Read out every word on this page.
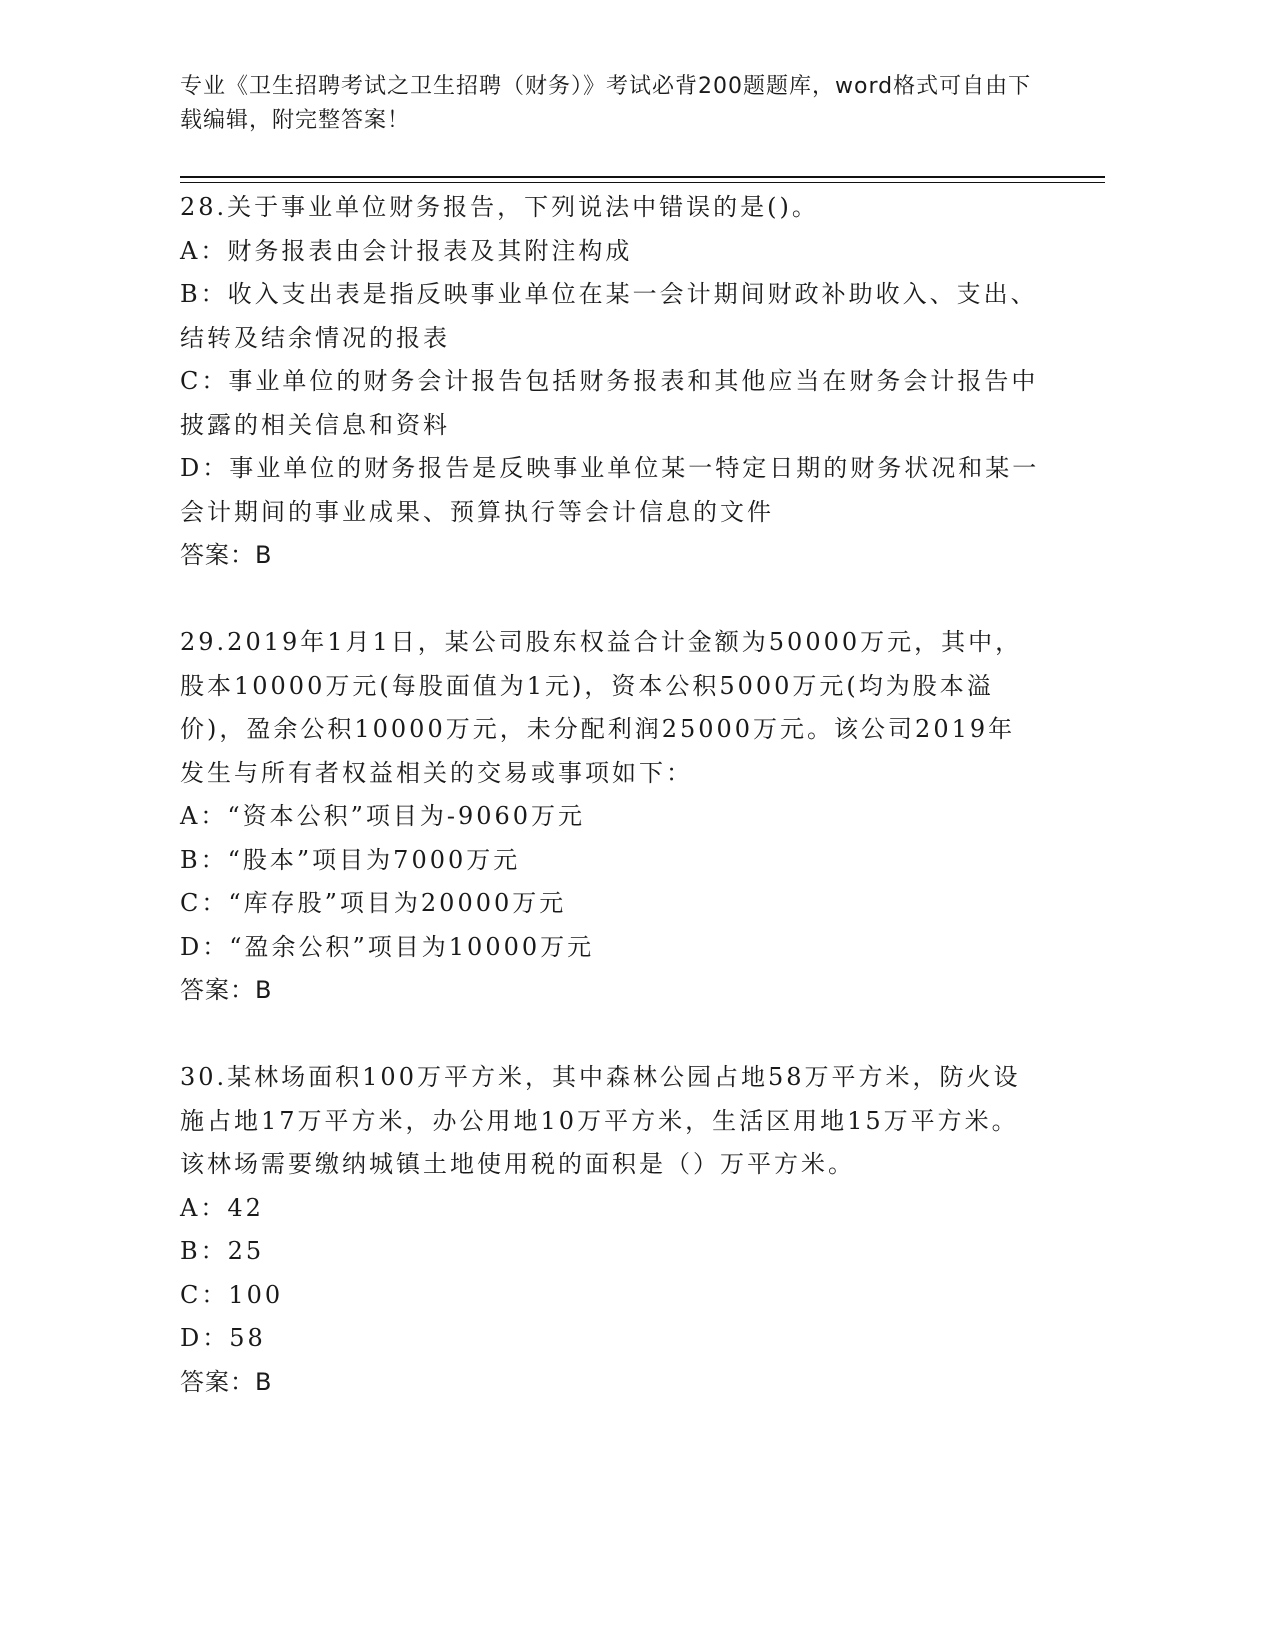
专业《卫生招聘考试之卫生招聘（财务）》考试必背200题题库，word格式可自由下载编辑，附完整答案！

28.关于事业单位财务报告，下列说法中错误的是()。

A：财务报表由会计报表及其附注构成

B：收入支出表是指反映事业单位在某一会计期间财政补助收入、支出、结转及结余情况的报表

C：事业单位的财务会计报告包括财务报表和其他应当在财务会计报告中披露的相关信息和资料

D：事业单位的财务报告是反映事业单位某一特定日期的财务状况和某一会计期间的事业成果、预算执行等会计信息的文件

答案：B

29.2019年1月1日，某公司股东权益合计金额为50000万元，其中，股本10000万元(每股面值为1元)，资本公积5000万元(均为股本溢价)，盈余公积10000万元，未分配利润25000万元。该公司2019年发生与所有者权益相关的交易或事项如下：

A：“资本公积”项目为-9060万元

B：“股本”项目为7000万元

C：“库存股”项目为20000万元

D：“盈余公积”项目为10000万元

答案：B

30.某林场面积100万平方米，其中森林公园占地58万平方米，防火设施占地17万平方米，办公用地10万平方米，生活区用地15万平方米。该林场需要缴纳城镇土地使用税的面积是（）万平方米。

A：42

B：25

C：100

D：58

答案：B
